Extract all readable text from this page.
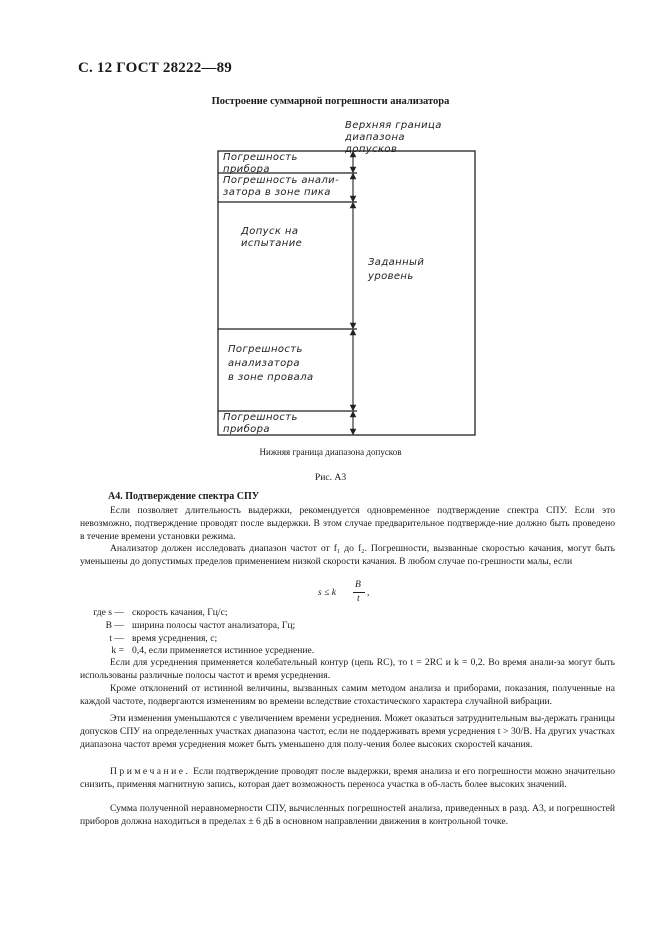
С. 12 ГОСТ 28222—89
Построение суммарной погрешности анализатора
Верхняя граница
диапазона
допусков
Погрешность
прибора
Погрешность анали-
затора в зоне пика
Допуск на
испытание
Погрешность
анализатора
в зоне провала
Погрешность
прибора
Заданный
уровень
Нижняя граница диапазона допусков
Рис. А3
А4. Подтверждение спектра СПУ
Если позволяет длительность выдержки, рекомендуется одновременное подтверждение спектра СПУ. Если это невозможно, подтверждение проводят после выдержки. В этом случае предварительное подтвержде-ние должно быть проведено в течение времени установки режима.
Анализатор должен исследовать диапазон частот от f₁ до f₂. Погрешности, вызванные скоростью качания, могут быть уменьшены до допустимых пределов применением низкой скорости качания. В любом случае по-грешности малы, если
s ≤ k
B
t
,
где s — скорость качания, Гц/с;
B — ширина полосы частот анализатора, Гц;
t — время усреднения, с;
k = 0,4, если применяется истинное усреднение.
Если для усреднения применяется колебательный контур (цепь RC), то t = 2RC и k = 0,2. Во время анали-за могут быть использованы различные полосы частот и время усреднения.
Кроме отклонений от истинной величины, вызванных самим методом анализа и приборами, показания, полученные на каждой частоте, подвергаются изменениям во времени вследствие стохастического характера случайной вибрации.
Эти изменения уменьшаются с увеличением времени усреднения. Может оказаться затруднительным вы-держать границы допусков СПУ на определенных участках диапазона частот, если не поддерживать время усреднения t > 30/B. На других участках диапазона частот время усреднения может быть уменьшено для полу-чения более высоких скоростей качания.
Примечание. Если подтверждение проводят после выдержки, время анализа и его погрешности можно значительно снизить, применяя магнитную запись, которая дает возможность переноса участка в об-ласть более высоких значений.
Сумма полученной неравномерности СПУ, вычисленных погрешностей анализа, приведенных в разд. А3, и погрешностей приборов должна находиться в пределах ± 6 дБ в основном направлении движения в контрольной точке.
